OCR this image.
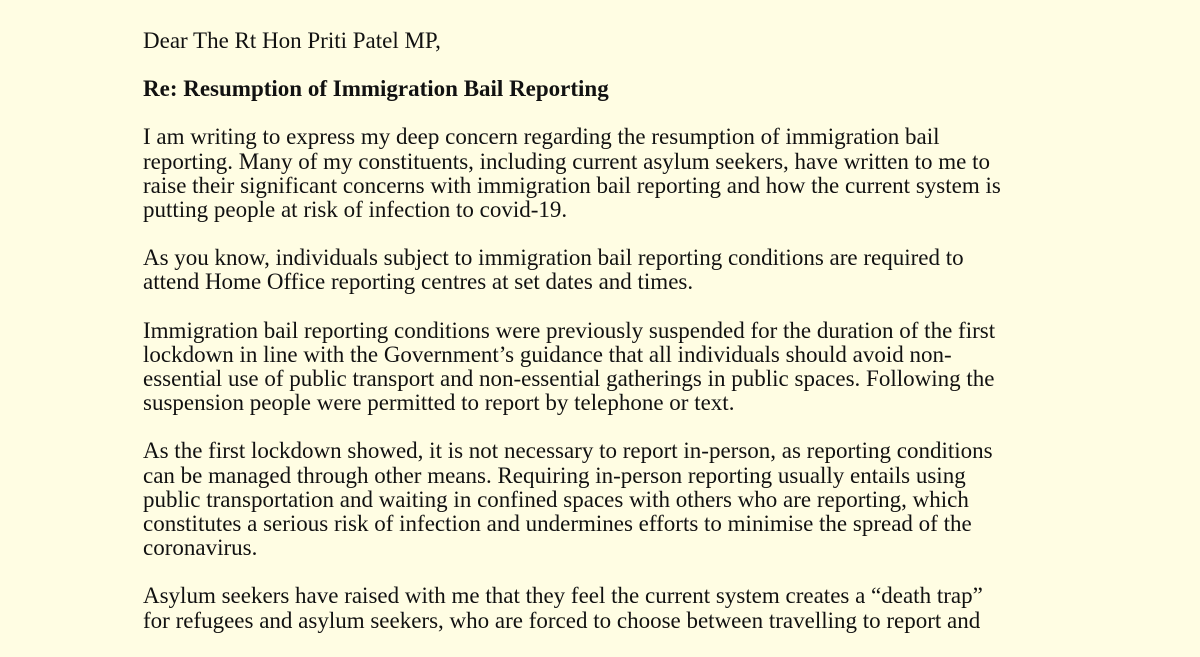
Dear The Rt Hon Priti Patel MP,

Re: Resumption of Immigration Bail Reporting

I am writing to express my deep concern regarding the resumption of immigration bail
reporting. Many of my constituents, including current asylum seekers, have written to me to
raise their significant concerns with immigration bail reporting and how the current system is
putting people at risk of infection to covid-19.

As you know, individuals subject to immigration bail reporting conditions are required to
attend Home Office reporting centres at set dates and times.

Immigration bail reporting conditions were previously suspended for the duration of the first
lockdown in line with the Government’s guidance that all individuals should avoid non-
essential use of public transport and non-essential gatherings in public spaces. Following the
suspension people were permitted to report by telephone or text.

As the first lockdown showed, it is not necessary to report in-person, as reporting conditions
can be managed through other means. Requiring in-person reporting usually entails using
public transportation and waiting in confined spaces with others who are reporting, which
constitutes a serious risk of infection and undermines efforts to minimise the spread of the
coronavirus.

Asylum seekers have raised with me that they feel the current system creates a “death trap”
for refugees and asylum seekers, who are forced to choose between travelling to report and
